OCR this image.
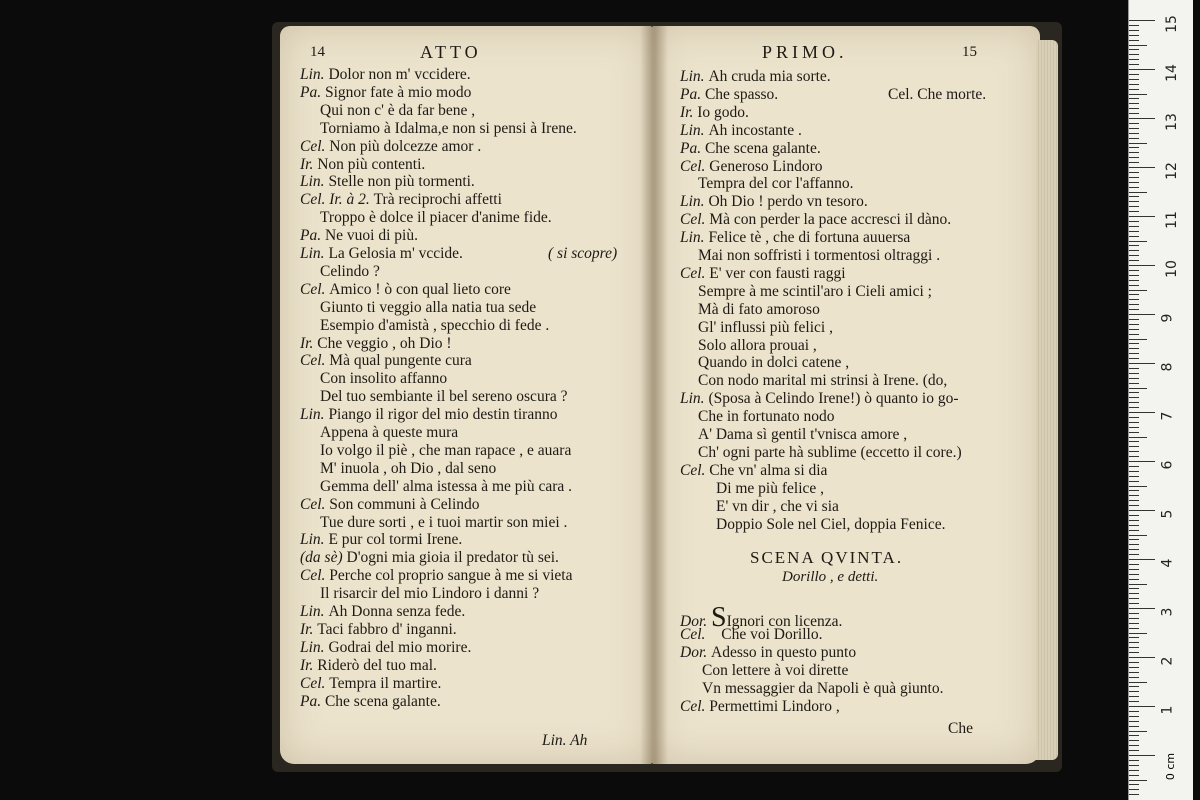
14	ATTO
Lin. Dolor non m' vccidere.
Pa. Signor fate à mio modo
Qui non c' è da far bene ,
Torniamo à Idalma,e non si pensi à Irene.
Cel. Non più dolcezze amor .
Ir. Non più contenti.
Lin. Stelle non più tormenti.
Cel. Ir. à 2. Trà reciprochi affetti
Troppo è dolce il piacer d'anime fide.
Pa. Ne vuoi di più.
Lin. La Gelosia m' vccide.
Celindo ?
Cel. Amico ! ò con qual lieto core
Giunto ti veggio alla natia tua sede
Esempio d'amistà , specchio di fede .
Ir. Che veggio , oh Dio !
Cel. Mà qual pungente cura
Con insolito affanno
Del tuo sembiante il bel sereno oscura ?
Lin. Piango il rigor del mio destin tiranno
Appena à queste mura
Io volgo il piè , che man rapace , e auara
M' inuola , oh Dio , dal seno
Gemma dell' alma istessa à me più cara .
Cel. Son communi à Celindo
Tue dure sorti , e i tuoi martir son miei .
Lin. E pur col tormi Irene.
(da sè) D'ogni mia gioia il predator tù sei.
Cel. Perche col proprio sangue à me si vieta
Il risarcir del mio Lindoro i danni ?
Lin. Ah Donna senza fede.
Ir. Taci fabbro d' inganni.
Lin. Godrai del mio morire.
Ir. Riderò del tuo mal.
Cel. Tempra il martire.
Pa. Che scena galante.
( si scopre)
Lin. Ah
PRIMO.	15
Lin. Ah cruda mia sorte.
Pa. Che spasso.
Ir. Io godo.
Lin. Ah incostante .
Pa. Che scena galante.
Cel. Generoso Lindoro
Tempra del cor l'affanno.
Lin. Oh Dio ! perdo vn tesoro.
Cel. Mà con perder la pace accresci il dàno.
Lin. Felice tè , che di fortuna auuersa
Mai non soffristi i tormentosi oltraggi .
Cel. E' ver con fausti raggi
Sempre à me scintil'aro i Cieli amici ;
Mà di fato amoroso
Gl' influssi più felici ,
Solo allora prouai ,
Quando in dolci catene ,
Con nodo marital mi strinsi à Irene. (do,
Lin. (Sposa à Celindo Irene!) ò quanto io go-
Che in fortunato nodo
A' Dama sì gentil t'vnisca amore ,
Ch' ogni parte hà sublime (eccetto il core.)
Cel. Che vn' alma si dia
Di me più felice ,
E' vn dir , che vi sia
Doppio Sole nel Ciel, doppia Fenice.
Cel. Che morte.
SCENA QVINTA.
Dorillo , e detti.
Dor. SIgnori con licenza.
Cel. Che voi Dorillo.
Dor. Adesso in questo punto
Con lettere à voi dirette
Vn messaggier da Napoli è quà giunto.
Cel. Permettimi Lindoro ,
Che
0 cm
15
14
13
12
11
10
9
8
7
6
5
4
3
2
1
